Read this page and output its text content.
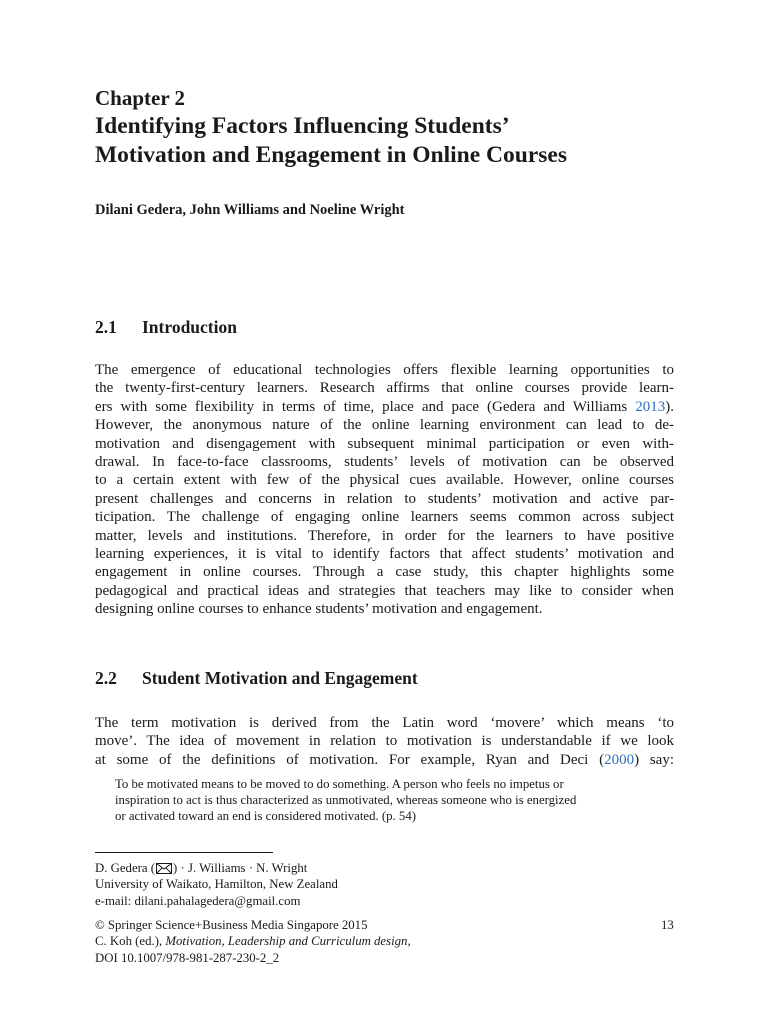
Chapter 2
Identifying Factors Influencing Students’
Motivation and Engagement in Online Courses

Dilani Gedera, John Williams and Noeline Wright

2.1 Introduction
The emergence of educational technologies offers flexible learning opportunities to
the twenty-first-century learners. Research affirms that online courses provide learn-
ers with some flexibility in terms of time, place and pace (Gedera and Williams 2013).
However, the anonymous nature of the online learning environment can lead to de-
motivation and disengagement with subsequent minimal participation or even with-
drawal. In face-to-face classrooms, students’ levels of motivation can be observed
to a certain extent with few of the physical cues available. However, online courses
present challenges and concerns in relation to students’ motivation and active par-
ticipation. The challenge of engaging online learners seems common across subject
matter, levels and institutions. Therefore, in order for the learners to have positive
learning experiences, it is vital to identify factors that affect students’ motivation and
engagement in online courses. Through a case study, this chapter highlights some
pedagogical and practical ideas and strategies that teachers may like to consider when
designing online courses to enhance students’ motivation and engagement.
2.2 Student Motivation and Engagement
The term motivation is derived from the Latin word ‘movere’ which means ‘to
move’. The idea of movement in relation to motivation is understandable if we look
at some of the definitions of motivation. For example, Ryan and Deci (2000) say:
To be motivated means to be moved to do something. A person who feels no impetus or
inspiration to act is thus characterized as unmotivated, whereas someone who is energized
or activated toward an end is considered motivated. (p. 54)
D. Gedera ( ) · J. Williams · N. Wright
University of Waikato, Hamilton, New Zealand
e-mail: dilani.pahalagedera@gmail.com
© Springer Science+Business Media Singapore 2015
C. Koh (ed.), Motivation, Leadership and Curriculum design,
DOI 10.1007/978-981-287-230-2_2
13
